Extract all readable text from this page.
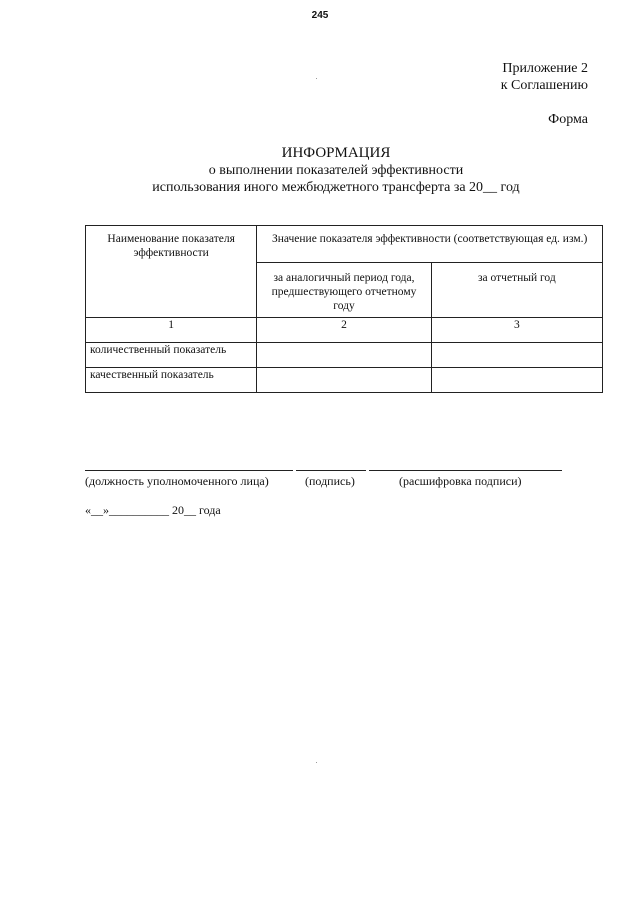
245
Приложение 2
к Соглашению
Форма
ИНФОРМАЦИЯ
о выполнении показателей эффективности
использования иного межбюджетного трансферта за 20__ год
Наименование показателя эффективности	Значение показателя эффективности (соответствующая ед. изм.)	
	за аналогичный период года, предшествующего отчетному году	за отчетный год
1	2	3
количественный показатель		
качественный показатель		
(должность уполномоченного лица)	(подпись)	(расшифровка подписи)
«__»__________ 20__ года
